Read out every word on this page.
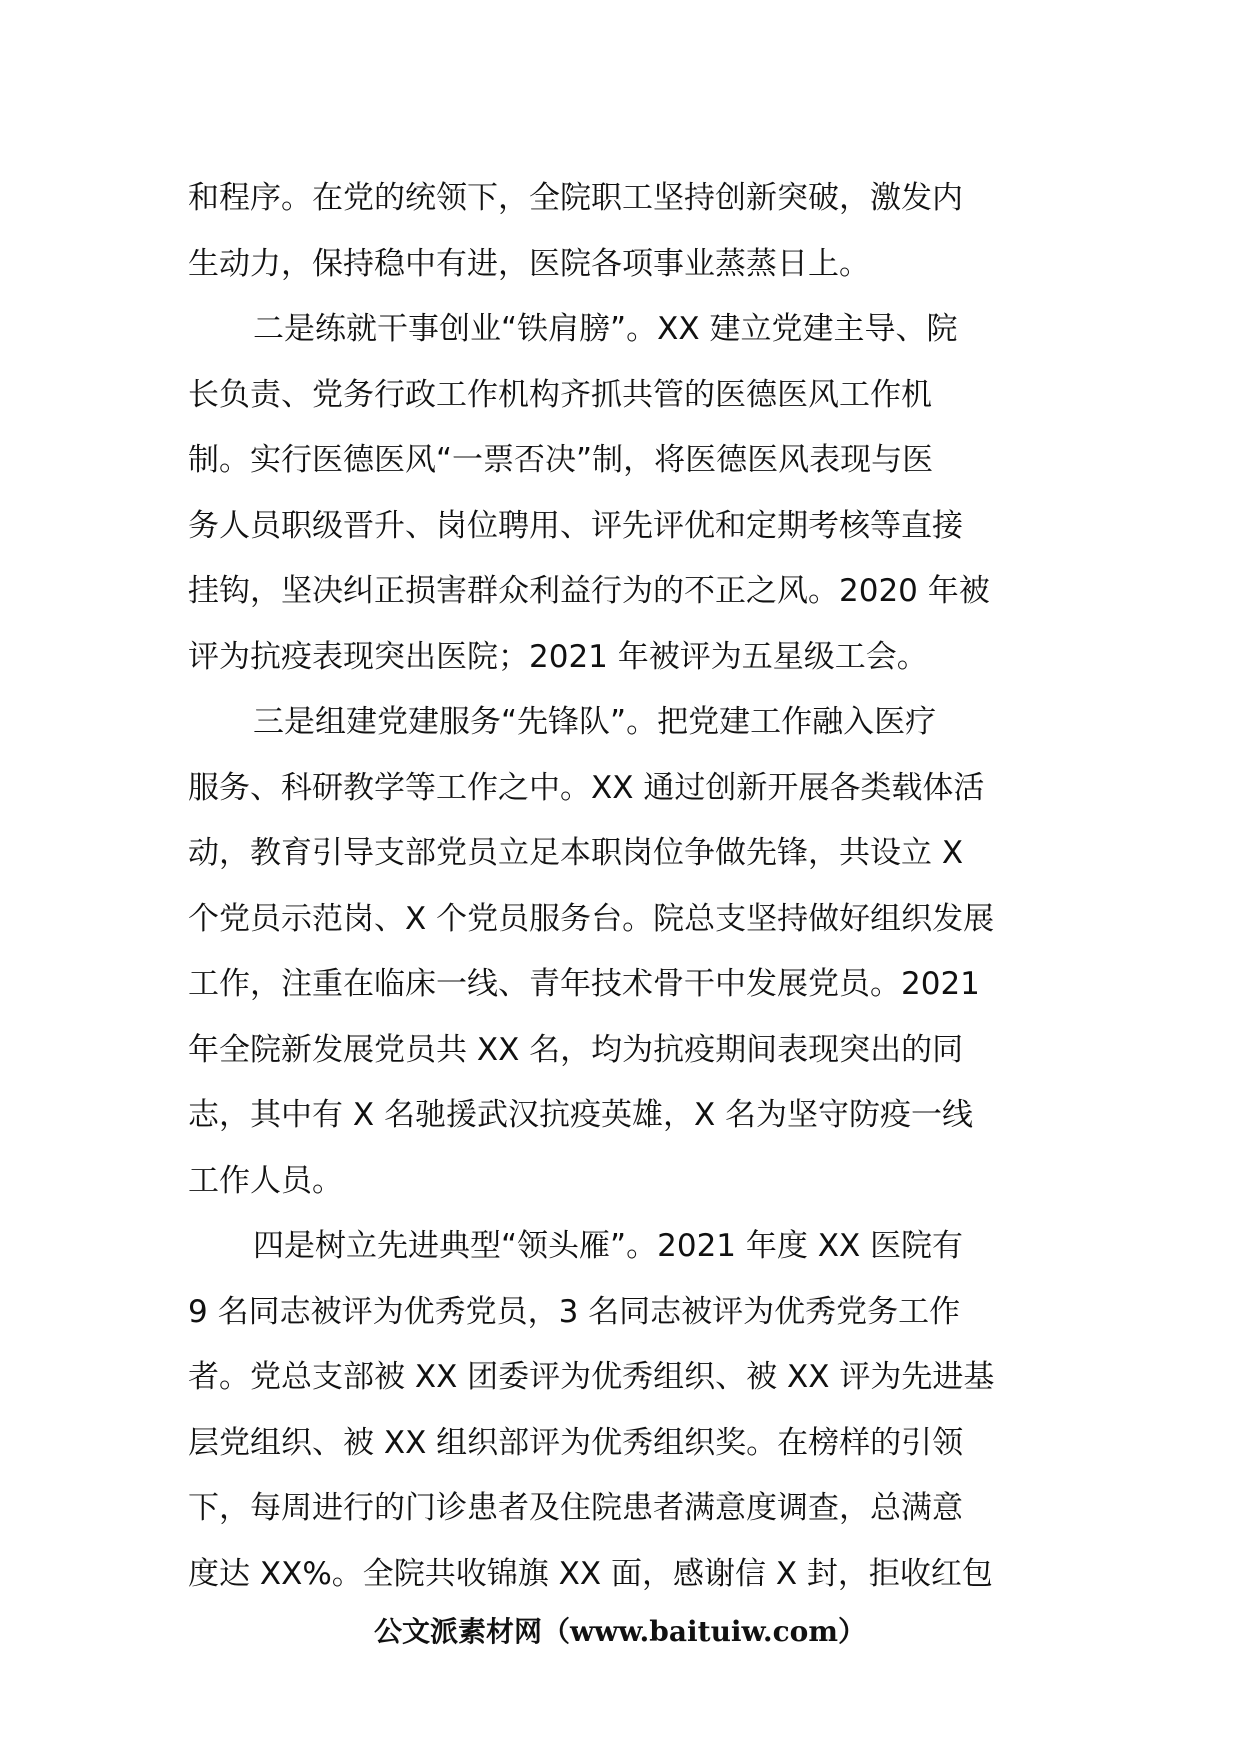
和程序。在党的统领下，全院职工坚持创新突破，激发内
生动力，保持稳中有进，医院各项事业蒸蒸日上。
二是练就干事创业“铁肩膀”。XX 建立党建主导、院
长负责、党务行政工作机构齐抓共管的医德医风工作机
制。实行医德医风“一票否决”制，将医德医风表现与医
务人员职级晋升、岗位聘用、评先评优和定期考核等直接
挂钩，坚决纠正损害群众利益行为的不正之风。2020 年被
评为抗疫表现突出医院；2021 年被评为五星级工会。
三是组建党建服务“先锋队”。把党建工作融入医疗
服务、科研教学等工作之中。XX 通过创新开展各类载体活
动，教育引导支部党员立足本职岗位争做先锋，共设立 X
个党员示范岗、X 个党员服务台。院总支坚持做好组织发展
工作，注重在临床一线、青年技术骨干中发展党员。2021
年全院新发展党员共 XX 名，均为抗疫期间表现突出的同
志，其中有 X 名驰援武汉抗疫英雄，X 名为坚守防疫一线
工作人员。
四是树立先进典型“领头雁”。2021 年度 XX 医院有
9 名同志被评为优秀党员，3 名同志被评为优秀党务工作
者。党总支部被 XX 团委评为优秀组织、被 XX 评为先进基
层党组织、被 XX 组织部评为优秀组织奖。在榜样的引领
下，每周进行的门诊患者及住院患者满意度调查，总满意
度达 XX%。全院共收锦旗 XX 面，感谢信 X 封，拒收红包
公文派素材网（www.baituiw.com）
